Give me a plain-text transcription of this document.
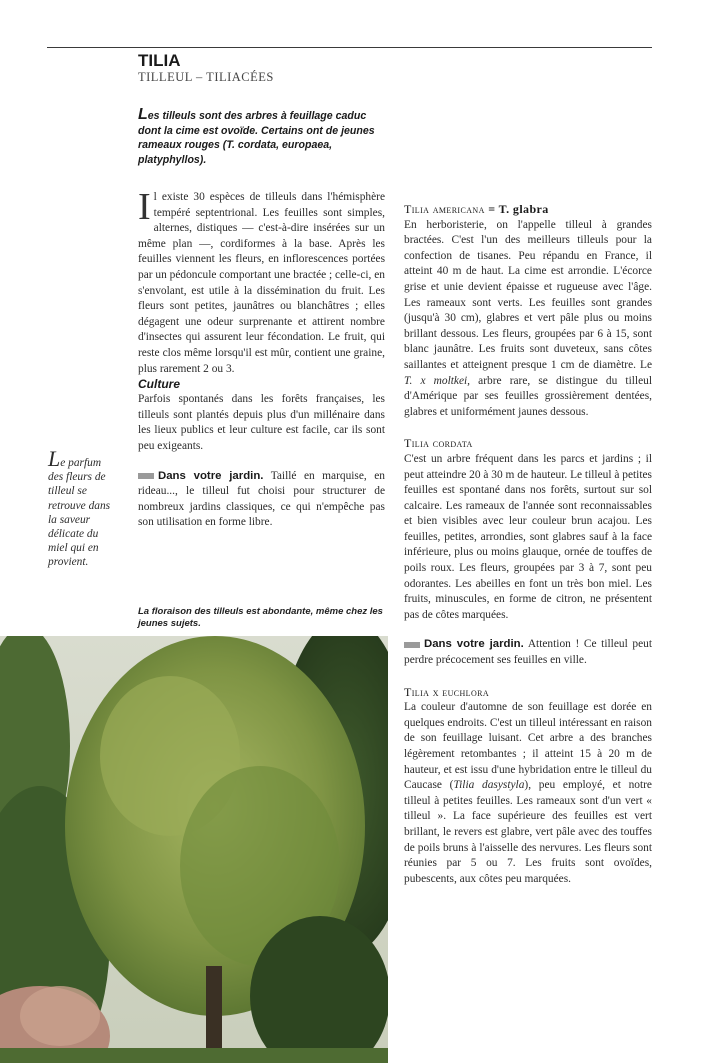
TILIA
TILLEUL – TILIACÉES
Les tilleuls sont des arbres à feuillage caduc dont la cime est ovoïde. Certains ont de jeunes rameaux rouges (T. cordata, europaea, platyphyllos).

Il existe 30 espèces de tilleuls dans l'hémisphère tempéré septentrional. Les feuilles sont simples, alternes, distiques — c'est-à-dire insérées sur un même plan —, cordiformes à la base. Après les feuilles viennent les fleurs, en inflorescences portées par un pédoncule comportant une bractée ; celle-ci, en s'envolant, est utile à la dissémination du fruit. Les fleurs sont petites, jaunâtres ou blanchâtres ; elles dégagent une odeur surprenante et attirent nombre d'insectes qui assurent leur fécondation. Le fruit, qui reste clos même lorsqu'il est mûr, contient une graine, plus rarement 2 ou 3.

Culture

Parfois spontanés dans les forêts françaises, les tilleuls sont plantés depuis plus d'un millénaire dans les lieux publics et leur culture est facile, car ils sont peu exigeants.

Dans votre jardin. Taillé en marquise, en rideau..., le tilleul fut choisi pour structurer de nombreux jardins classiques, ce qui n'empêche pas son utilisation en forme libre.

Le parfum des fleurs de tilleul se retrouve dans la saveur délicate du miel qui en provient.
La floraison des tilleuls est abondante, même chez les jeunes sujets.

Tilia americana = T. glabra

En herboristerie, on l'appelle tilleul à grandes bractées. C'est l'un des meilleurs tilleuls pour la confection de tisanes. Peu répandu en France, il atteint 40 m de haut. La cime est arrondie. L'écorce grise et unie devient épaisse et rugueuse avec l'âge. Les rameaux sont verts. Les feuilles sont grandes (jusqu'à 30 cm), glabres et vert pâle plus ou moins brillant dessous. Les fleurs, groupées par 6 à 15, sont blanc jaunâtre. Les fruits sont duveteux, sans côtes saillantes et atteignent presque 1 cm de diamètre. Le T. x moltkei, arbre rare, se distingue du tilleul d'Amérique par ses feuilles grossièrement dentées, glabres et uniformément jaunes dessous.

Tilia cordata

C'est un arbre fréquent dans les parcs et jardins ; il peut atteindre 20 à 30 m de hauteur. Le tilleul à petites feuilles est spontané dans nos forêts, surtout sur sol calcaire. Les rameaux de l'année sont reconnaissables et bien visibles avec leur couleur brun acajou. Les feuilles, petites, arrondies, sont glabres sauf à la face inférieure, plus ou moins glauque, ornée de touffes de poils roux. Les fleurs, groupées par 3 à 7, sont peu odorantes. Les abeilles en font un très bon miel. Les fruits, minuscules, en forme de citron, ne présentent pas de côtes marquées.

Dans votre jardin. Attention ! Ce tilleul peut perdre précocement ses feuilles en ville.

Tilia x euchlora

La couleur d'automne de son feuillage est dorée en quelques endroits. C'est un tilleul intéressant en raison de son feuillage luisant. Cet arbre a des branches légèrement retombantes ; il atteint 15 à 20 m de hauteur, et est issu d'une hybridation entre le tilleul du Caucase (Tilia dasystyla), peu employé, et notre tilleul à petites feuilles. Les rameaux sont d'un vert « tilleul ». La face supérieure des feuilles est vert brillant, le revers est glabre, vert pâle avec des touffes de poils bruns à l'aisselle des nervures. Les fleurs sont réunies par 5 ou 7. Les fruits sont ovoïdes, pubescents, aux côtes peu marquées.
